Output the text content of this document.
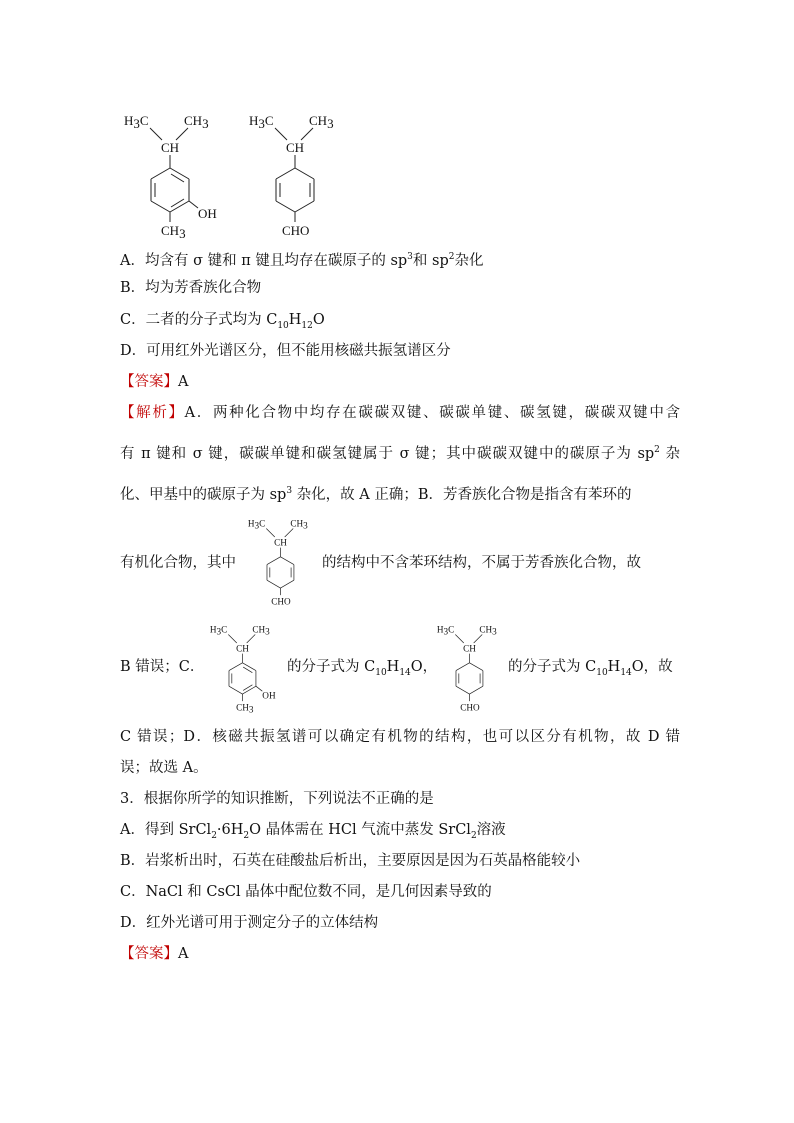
H3C	CH3
CH
OH
CH3
H3C	CH3
CH
CHO
A．均含有 σ 键和 π 键且均存在碳原子的 $sp^3$和 $sp^2$杂化
B．均为芳香族化合物
C．二者的分子式均为 $C_{10}H_{12}O$
D．可用红外光谱区分，但不能用核磁共振氢谱区分
【答案】A
【解析】A．两种化合物中均存在碳碳双键、碳碳单键、碳氢键，碳碳双键中含
有 π 键和 σ 键，碳碳单键和碳氢键属于 σ 键；其中碳碳双键中的碳原子为 $sp^2$ 杂
化、甲基中的碳原子为 $sp^3$ 杂化，故 A 正确；B．芳香族化合物是指含有苯环的
有机化合物，其中
H3C CH3
CH
CHO
的结构中不含苯环结构，不属于芳香族化合物，故
B 错误；C．
H3C CH3
CH
OH
CH3
的分子式为 $C_{10}H_{14}O$，
H3C CH3
CH
CHO
的分子式为 $C_{10}H_{14}O$，故
C 错误；D．核磁共振氢谱可以确定有机物的结构，也可以区分有机物，故 D 错
误；故选 A。
3．根据你所学的知识推断，下列说法不正确的是
A．得到 $SrCl_2\cdot 6H_2O$ 晶体需在 HCl 气流中蒸发 SrCl$_2$溶液
B．岩浆析出时，石英在硅酸盐后析出，主要原因是因为石英晶格能较小
C．NaCl 和 CsCl 晶体中配位数不同，是几何因素导致的
D．红外光谱可用于测定分子的立体结构
【答案】A
